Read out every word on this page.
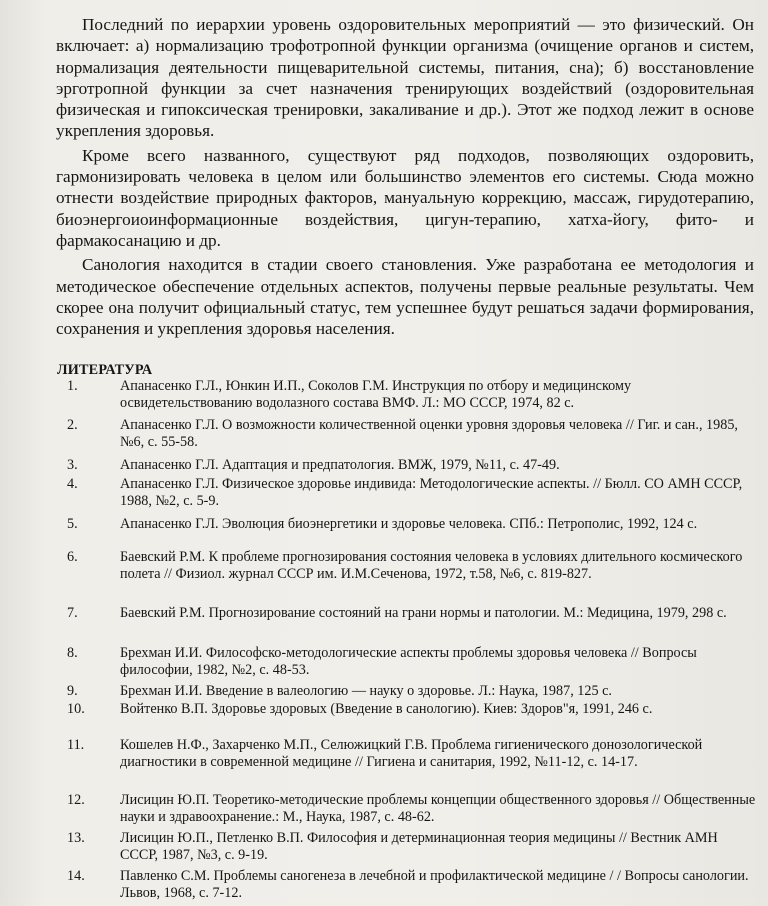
Последний по иерархии уровень оздоровительных мероприятий — это физический. Он включает: а) нормализацию трофотропной функции организма (очищение органов и систем, нормализация деятельности пищеварительной системы, питания, сна); б) восстановление эрготропной функции за счет назначения тренирующих воздействий (оздоровительная физическая и гипоксическая тренировки, закаливание и др.). Этот же подход лежит в основе укрепления здоровья.

Кроме всего названного, существуют ряд подходов, позволяющих оздоровить, гармонизировать человека в целом или большинство элементов его системы. Сюда можно отнести воздействие природных факторов, мануальную коррекцию, массаж, гирудотерапию, биоэнергоиоинформационные воздействия, цигун-терапию, хатха-йогу, фито- и фармакосанацию и др.

Санология находится в стадии своего становления. Уже разработана ее методология и методическое обеспечение отдельных аспектов, получены первые реальные результаты. Чем скорее она получит официальный статус, тем успешнее будут решаться задачи формирования, сохранения и укрепления здоровья населения.

ЛИТЕРАТУРА
1.	Апанасенко Г.Л., Юнкин И.П., Соколов Г.М. Инструкция по отбору и медицинскому освидетельствованию водолазного состава ВМФ. Л.: МО СССР, 1974, 82 с.
2.	Апанасенко Г.Л. О возможности количественной оценки уровня здоровья человека // Гиг. и сан., 1985, №6, с. 55-58.
3.	Апанасенко Г.Л. Адаптация и предпатология. ВМЖ, 1979, №11, с. 47-49.
4.	Апанасенко Г.Л. Физическое здоровье индивида: Методологические аспекты. // Бюлл. СО АМН СССР, 1988, №2, с. 5-9.
5.	Апанасенко Г.Л. Эволюция биоэнергетики и здоровье человека. СПб.: Петрополис, 1992, 124 с.
6.	Баевский Р.М. К проблеме прогнозирования состояния человека в условиях длительного космического полета // Физиол. журнал СССР им. И.М.Сеченова, 1972, т.58, №6, с. 819-827.
7.	Баевский Р.М. Прогнозирование состояний на грани нормы и патологии. М.: Медицина, 1979, 298 с.
8.	Брехман И.И. Философско-методологические аспекты проблемы здоровья человека // Вопросы философии, 1982, №2, с. 48-53.
9.	Брехман И.И. Введение в валеологию — науку о здоровье. Л.: Наука, 1987, 125 с.
10.	Войтенко В.П. Здоровье здоровых (Введение в санологию). Киев: Здоров"я, 1991, 246 с.
11.	Кошелев Н.Ф., Захарченко М.П., Селюжицкий Г.В. Проблема гигиенического донозологической диагностики в современной медицине // Гигиена и санитария, 1992, №11-12, с. 14-17.
12.	Лисицин Ю.П. Теоретико-методические проблемы концепции общественного здоровья // Общественные науки и здравоохранение.: М., Наука, 1987, с. 48-62.
13.	Лисицин Ю.П., Петленко В.П. Философия и детерминационная теория медицины // Вестник АМН СССР, 1987, №3, с. 9-19.
14.	Павленко С.М. Проблемы саногенеза в лечебной и профилактической медицине / / Вопросы санологии. Львов, 1968, с. 7-12.
